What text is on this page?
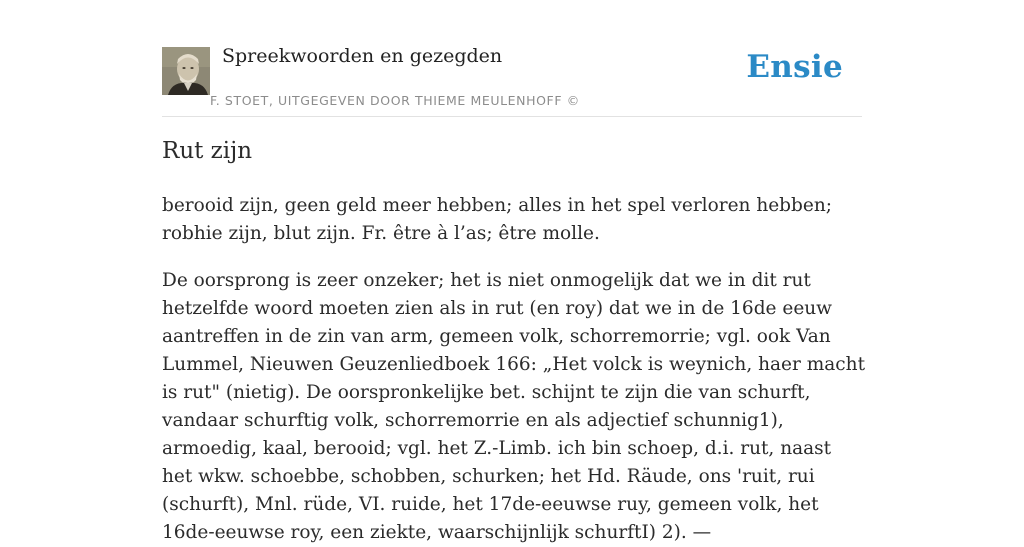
Spreekwoorden en gezegden
F. STOET, UITGEGEVEN DOOR THIEME MEULENHOFF ©
Ensie
Rut zijn

berooid zijn, geen geld meer hebben; alles in het spel verloren hebben; robhie zijn, blut zijn. Fr. être à l’as; être molle.

De oorsprong is zeer onzeker; het is niet onmogelijk dat we in dit rut hetzelfde woord moeten zien als in rut (en roy) dat we in de 16de eeuw aantreffen in de zin van arm, gemeen volk, schorremorrie; vgl. ook Van Lummel, Nieuwen Geuzenliedboek 166: „Het volck is weynich, haer macht is rut" (nietig). De oorspronkelijke bet. schijnt te zijn die van schurft, vandaar schurftig volk, schorremorrie en als adjectief schunnig1), armoedig, kaal, berooid; vgl. het Z.-Limb. ich bin schoep, d.i. rut, naast het wkw. schoebbe, schobben, schurken; het Hd. Räude, ons 'ruit, rui (schurft), Mnl. rüde, VI. ruide, het 17de-eeuwse ruy, gemeen volk, het 16de-eeuwse roy, een ziekte, waarschijnlijk schurftI) 2). —
